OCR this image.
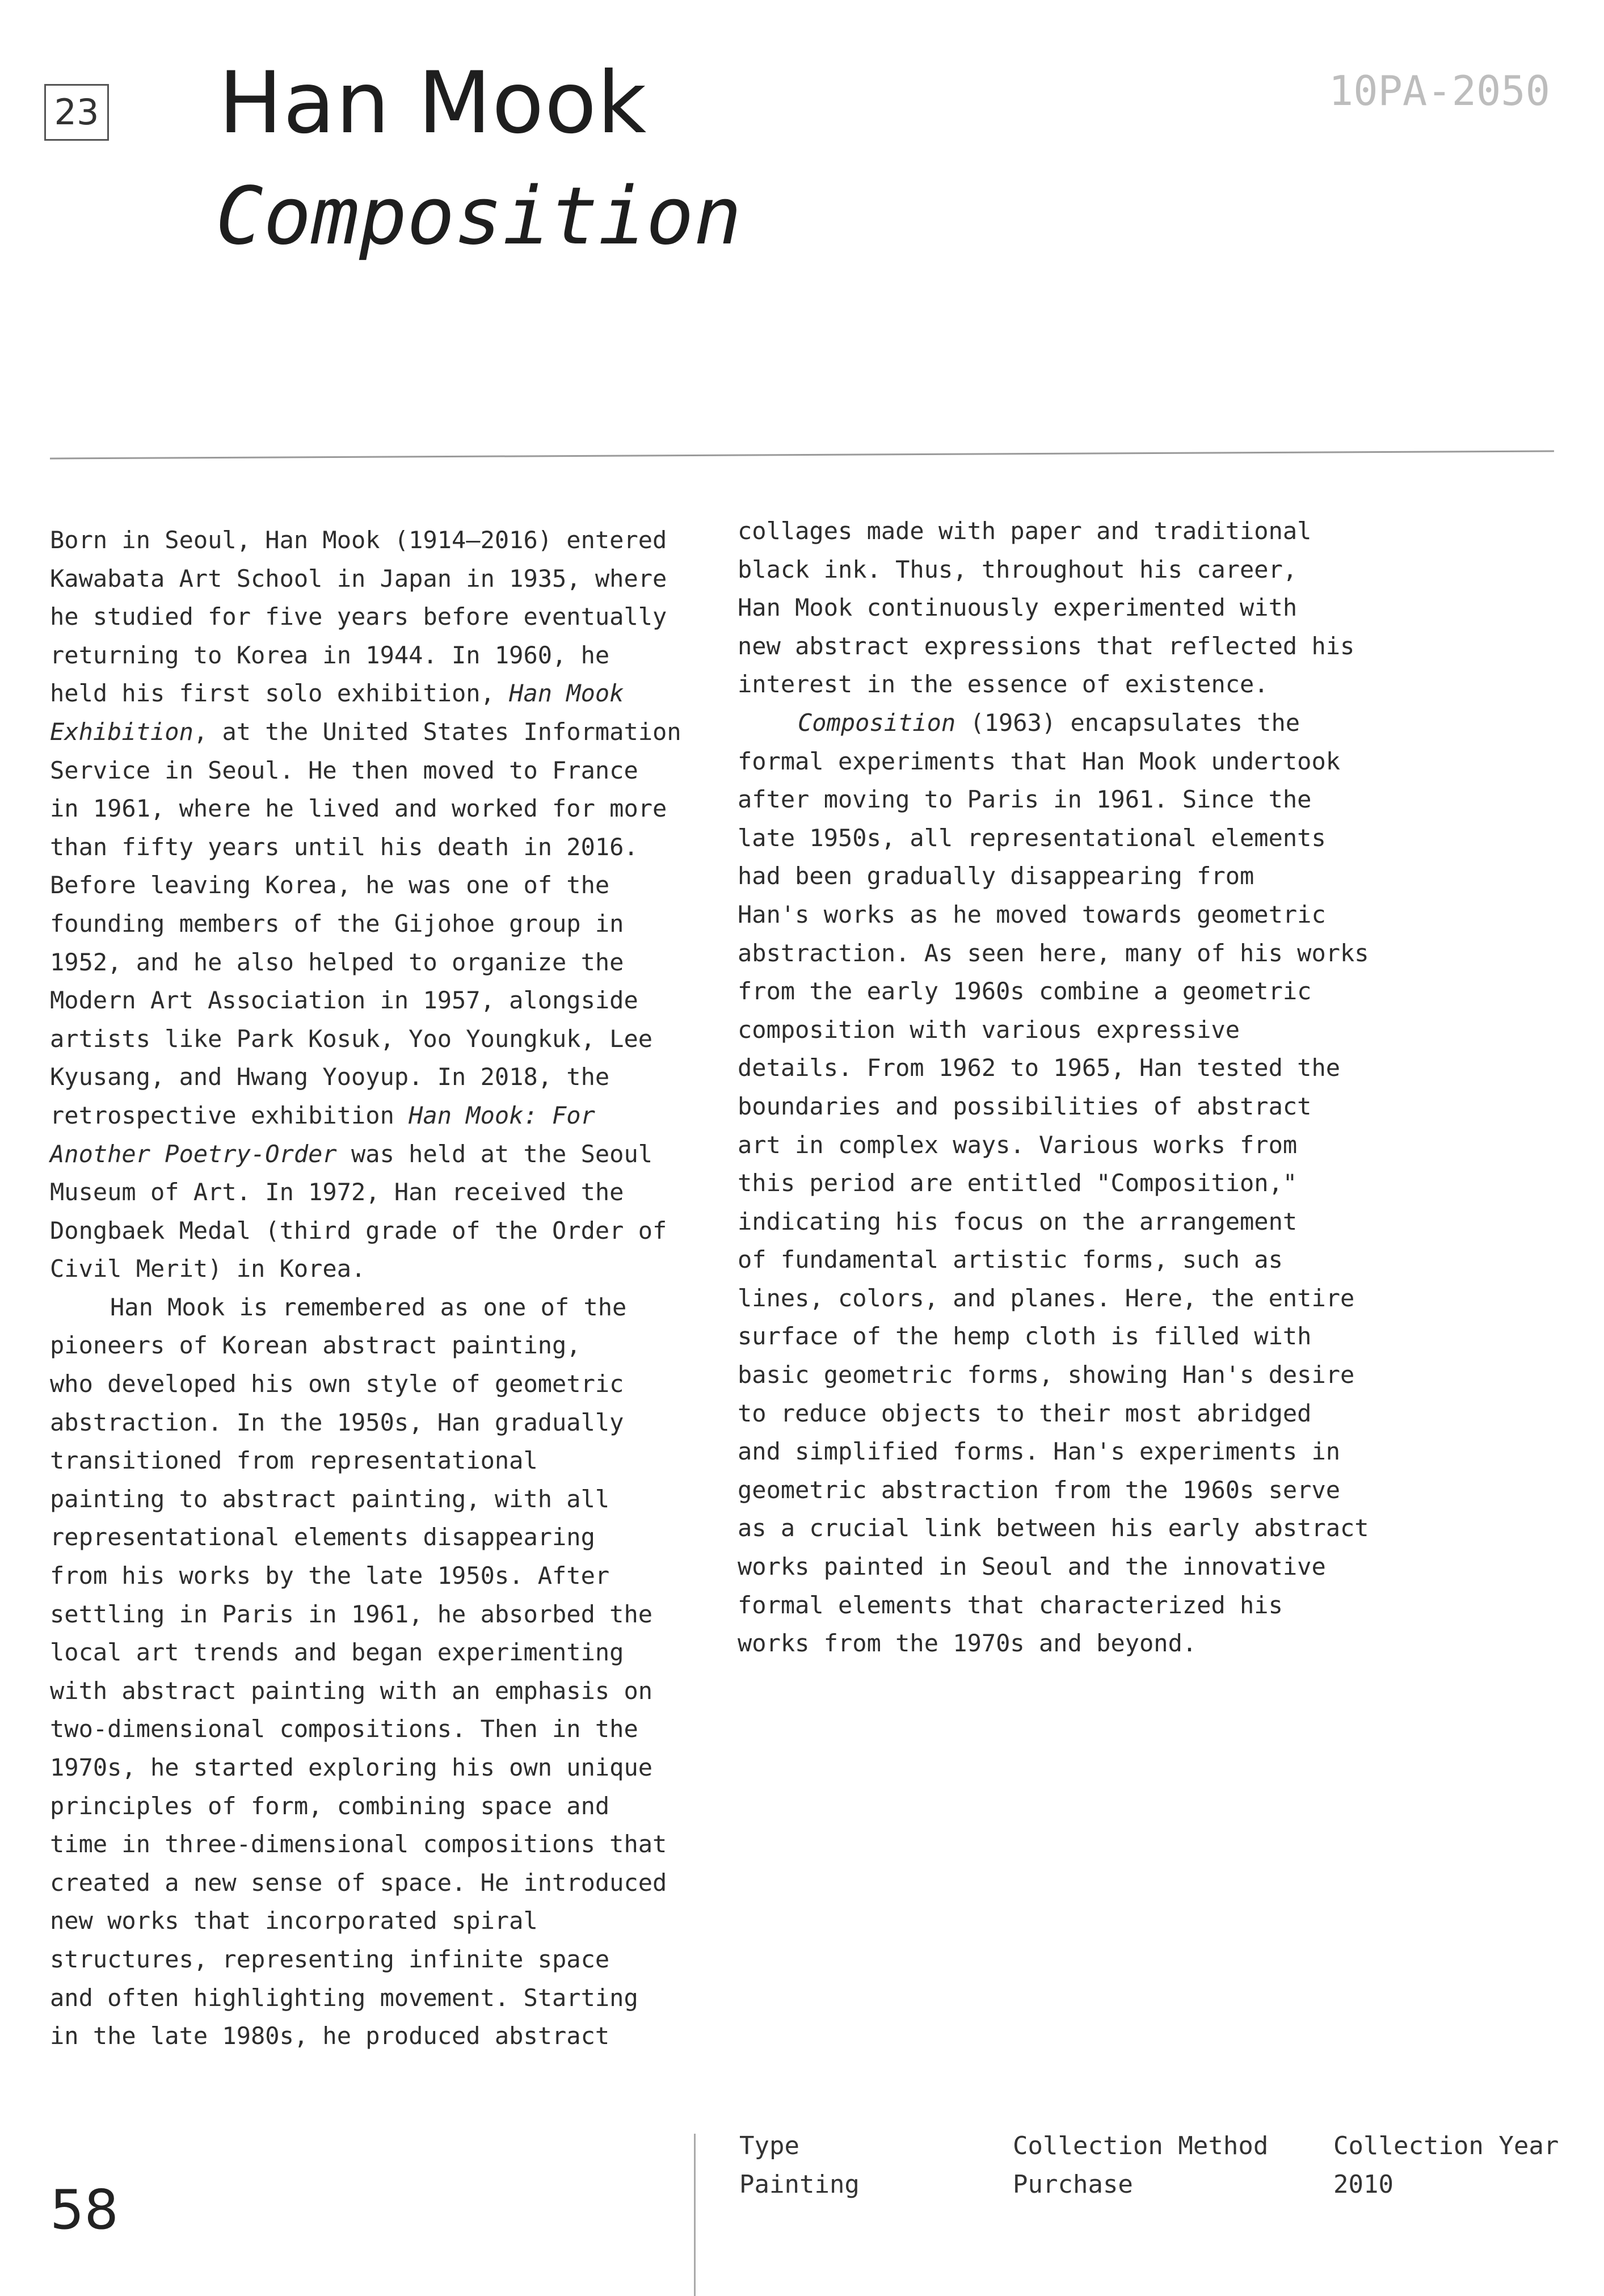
23 Han Mook
Composition
10PA-2050

Born in Seoul, Han Mook (1914–2016) entered
Kawabata Art School in Japan in 1935, where
he studied for five years before eventually
returning to Korea in 1944. In 1960, he
held his first solo exhibition, Han Mook
Exhibition, at the United States Information
Service in Seoul. He then moved to France
in 1961, where he lived and worked for more
than fifty years until his death in 2016.
Before leaving Korea, he was one of the
founding members of the Gijohoe group in
1952, and he also helped to organize the
Modern Art Association in 1957, alongside
artists like Park Kosuk, Yoo Youngkuk, Lee
Kyusang, and Hwang Yooyup. In 2018, the
retrospective exhibition Han Mook: For
Another Poetry-Order was held at the Seoul
Museum of Art. In 1972, Han received the
Dongbaek Medal (third grade of the Order of
Civil Merit) in Korea.

Han Mook is remembered as one of the
pioneers of Korean abstract painting,
who developed his own style of geometric
abstraction. In the 1950s, Han gradually
transitioned from representational
painting to abstract painting, with all
representational elements disappearing
from his works by the late 1950s. After
settling in Paris in 1961, he absorbed the
local art trends and began experimenting
with abstract painting with an emphasis on
two-dimensional compositions. Then in the
1970s, he started exploring his own unique
principles of form, combining space and
time in three-dimensional compositions that
created a new sense of space. He introduced
new works that incorporated spiral
structures, representing infinite space
and often highlighting movement. Starting
in the late 1980s, he produced abstract

collages made with paper and traditional
black ink. Thus, throughout his career,
Han Mook continuously experimented with
new abstract expressions that reflected his
interest in the essence of existence.

Composition (1963) encapsulates the
formal experiments that Han Mook undertook
after moving to Paris in 1961. Since the
late 1950s, all representational elements
had been gradually disappearing from
Han's works as he moved towards geometric
abstraction. As seen here, many of his works
from the early 1960s combine a geometric
composition with various expressive
details. From 1962 to 1965, Han tested the
boundaries and possibilities of abstract
art in complex ways. Various works from
this period are entitled "Composition,"
indicating his focus on the arrangement
of fundamental artistic forms, such as
lines, colors, and planes. Here, the entire
surface of the hemp cloth is filled with
basic geometric forms, showing Han's desire
to reduce objects to their most abridged
and simplified forms. Han's experiments in
geometric abstraction from the 1960s serve
as a crucial link between his early abstract
works painted in Seoul and the innovative
formal elements that characterized his
works from the 1970s and beyond.

58
Type
Painting
Collection Method
Purchase
Collection Year
2010
